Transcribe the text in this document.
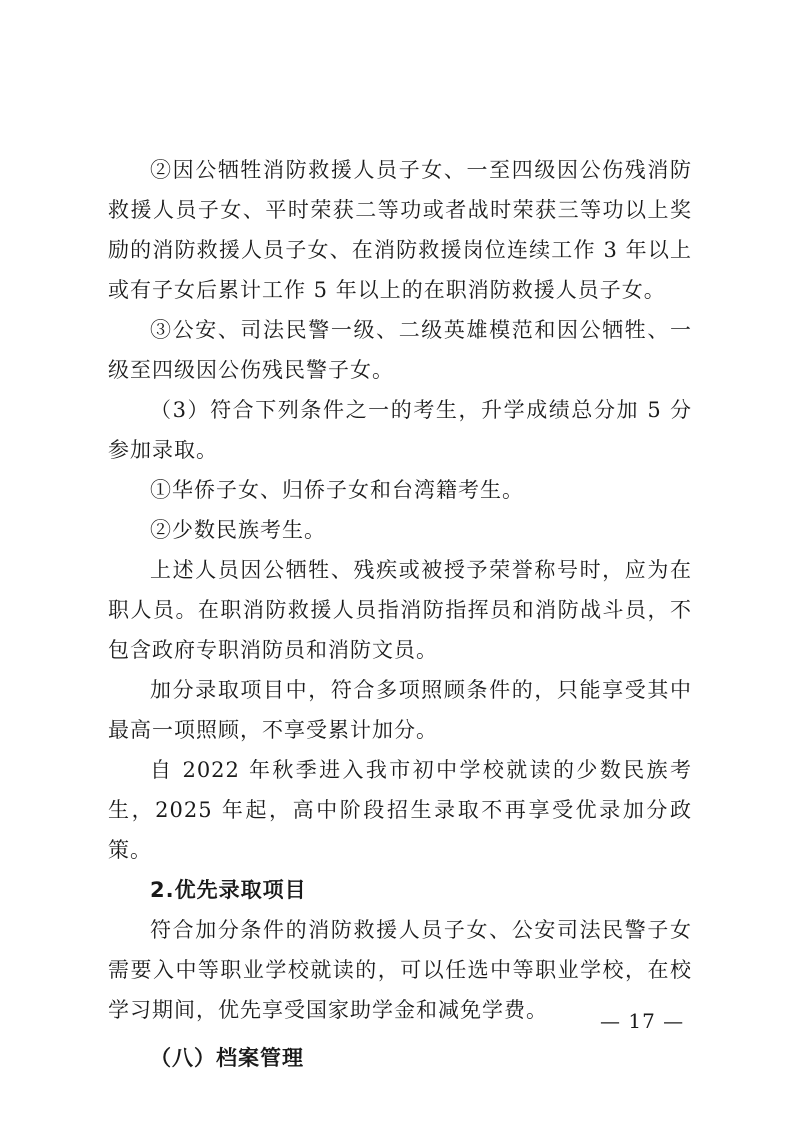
②因公牺牲消防救援人员子女、一至四级因公伤残消防救援人员子女、平时荣获二等功或者战时荣获三等功以上奖励的消防救援人员子女、在消防救援岗位连续工作 3 年以上或有子女后累计工作 5 年以上的在职消防救援人员子女。

③公安、司法民警一级、二级英雄模范和因公牺牲、一级至四级因公伤残民警子女。

（3）符合下列条件之一的考生，升学成绩总分加 5 分参加录取。

①华侨子女、归侨子女和台湾籍考生。

②少数民族考生。

上述人员因公牺牲、残疾或被授予荣誉称号时，应为在职人员。在职消防救援人员指消防指挥员和消防战斗员，不包含政府专职消防员和消防文员。

加分录取项目中，符合多项照顾条件的，只能享受其中最高一项照顾，不享受累计加分。

自 2022 年秋季进入我市初中学校就读的少数民族考生，2025 年起，高中阶段招生录取不再享受优录加分政策。

2.优先录取项目

符合加分条件的消防救援人员子女、公安司法民警子女需要入中等职业学校就读的，可以任选中等职业学校，在校学习期间，优先享受国家助学金和减免学费。

（八）档案管理

— 17 —
